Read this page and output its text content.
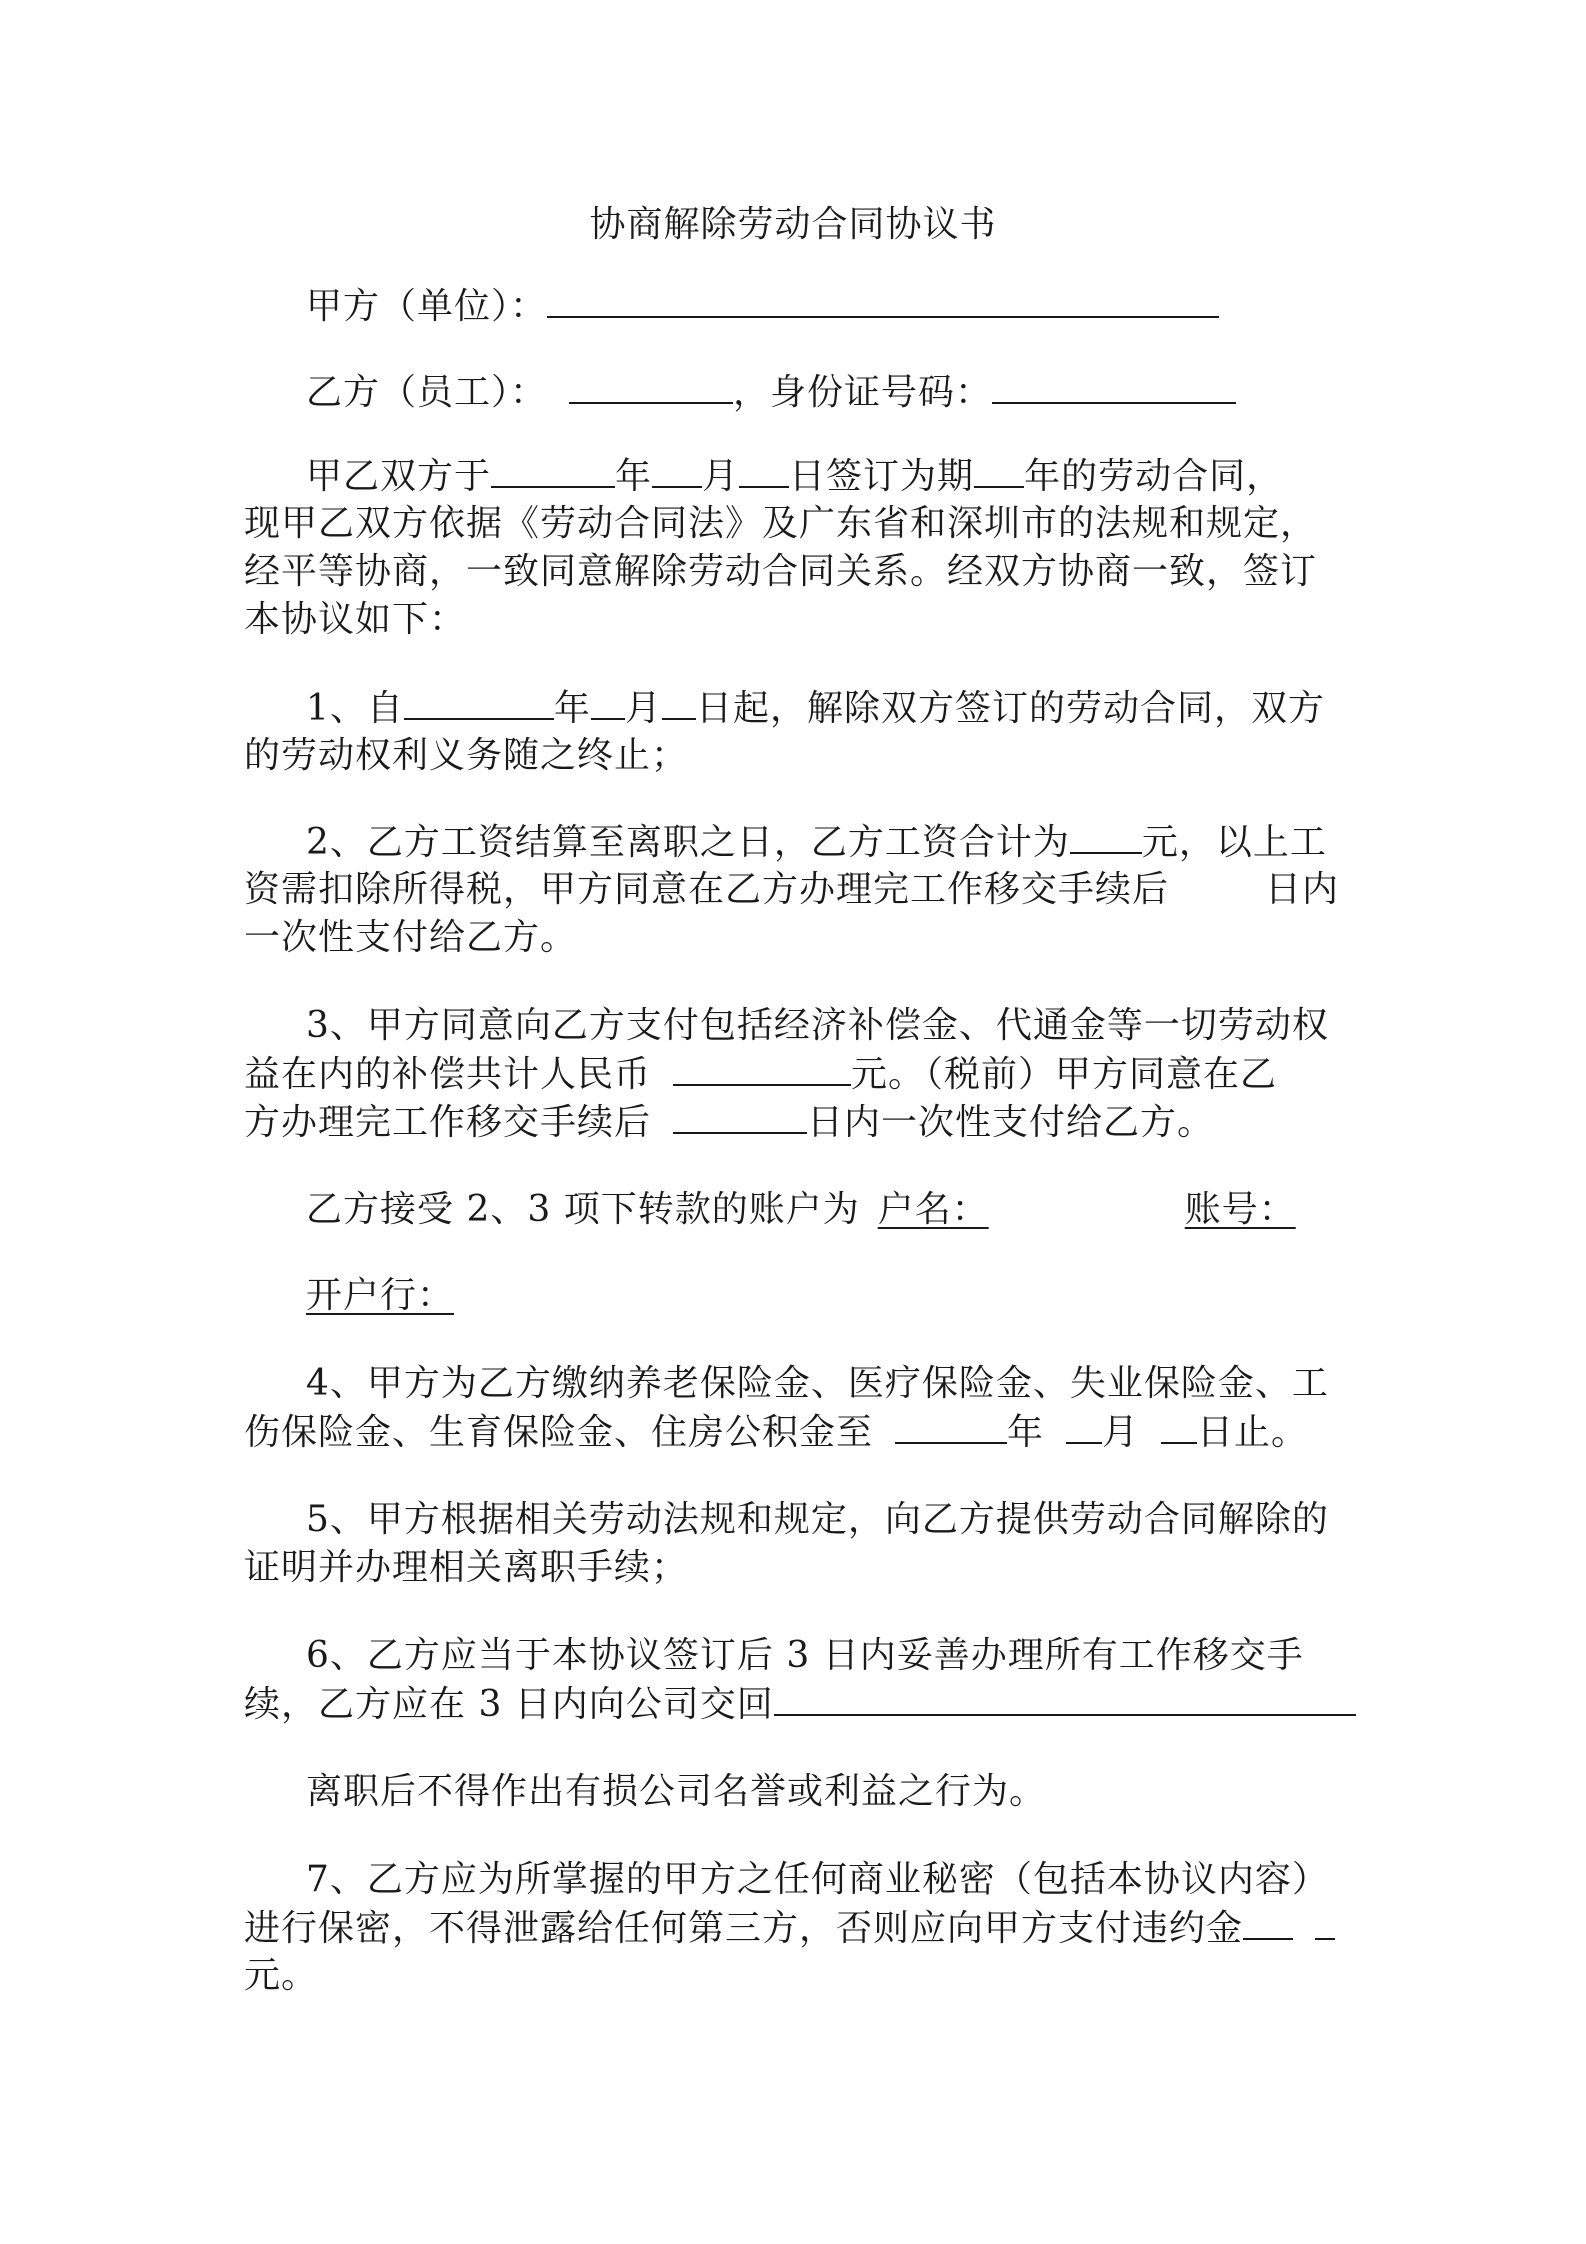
协商解除劳动合同协议书
甲方（单位）：
乙方（员工）：	，身份证号码：
甲乙双方于	年 月 日签订为期 年的劳动合同，
现甲乙双方依据《劳动合同法》及广东省和深圳市的法规和规定，
经平等协商，一致同意解除劳动合同关系。经双方协商一致，签订
本协议如下：
1、自	年 月 日起，解除双方签订的劳动合同，双方
的劳动权利义务随之终止；
2、乙方工资结算至离职之日，乙方工资合计为 元，以上工
资需扣除所得税，甲方同意在乙方办理完工作移交手续后	日内
一次性支付给乙方。
3、甲方同意向乙方支付包括经济补偿金、代通金等一切劳动权
益在内的补偿共计人民币	元。（税前）甲方同意在乙
方办理完工作移交手续后	日内一次性支付给乙方。
乙方接受 2、3 项下转款的账户为 户名：	账号：
开户行：
4、甲方为乙方缴纳养老保险金、医疗保险金、失业保险金、工
伤保险金、生育保险金、住房公积金至	年 月 日止。
5、甲方根据相关劳动法规和规定，向乙方提供劳动合同解除的
证明并办理相关离职手续；
6、乙方应当于本协议签订后 3 日内妥善办理所有工作移交手
续，乙方应在 3 日内向公司交回
离职后不得作出有损公司名誉或利益之行为。
7、乙方应为所掌握的甲方之任何商业秘密（包括本协议内容）
进行保密，不得泄露给任何第三方，否则应向甲方支付违约金
元。
